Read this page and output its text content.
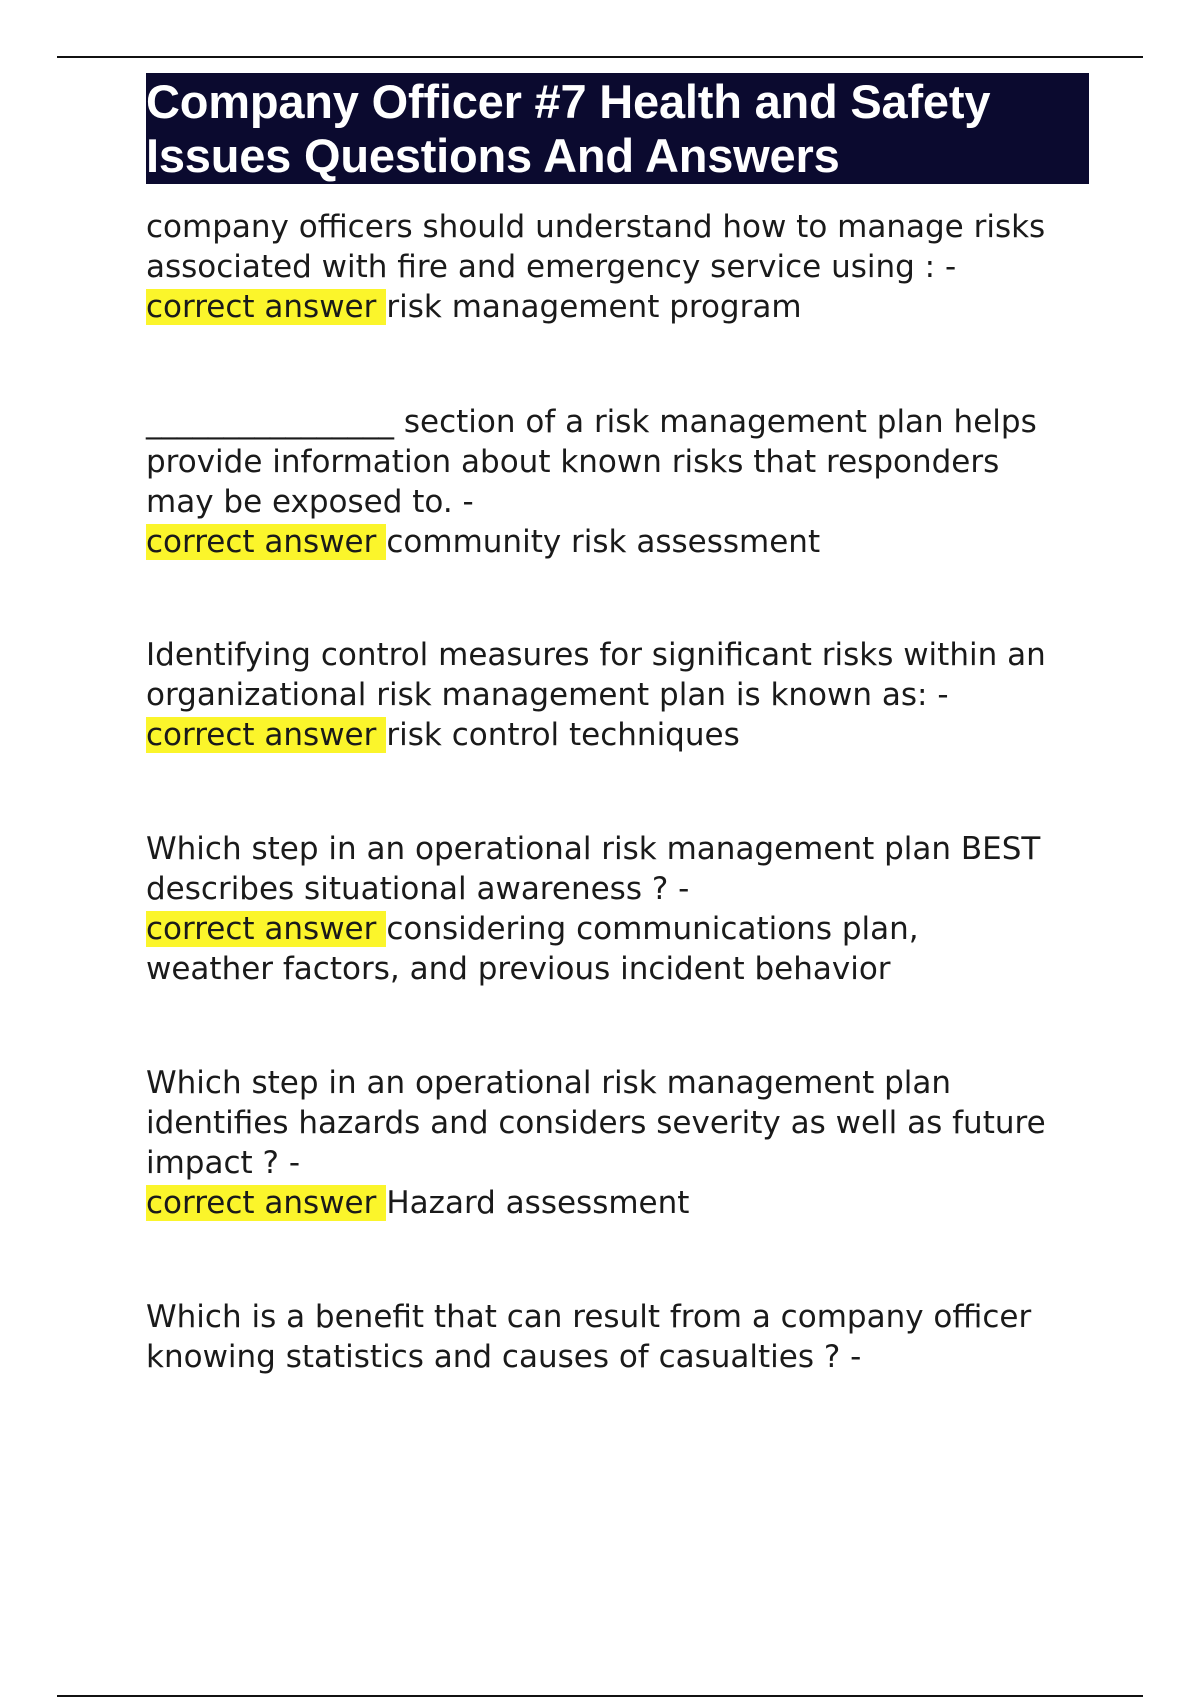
Company Officer #7 Health and Safety

Issues Questions And Answers

company officers should understand how to manage risks
associated with fire and emergency service using : -
correct answer risk management program
________________ section of a risk management plan helps
provide information about known risks that responders
may be exposed to. -
correct answer community risk assessment
Identifying control measures for significant risks within an
organizational risk management plan is known as: -
correct answer risk control techniques
Which step in an operational risk management plan BEST
describes situational awareness ? -
correct answer considering communications plan,
weather factors, and previous incident behavior
Which step in an operational risk management plan
identifies hazards and considers severity as well as future
impact ? -
correct answer Hazard assessment
Which is a benefit that can result from a company officer
knowing statistics and causes of casualties ? -
